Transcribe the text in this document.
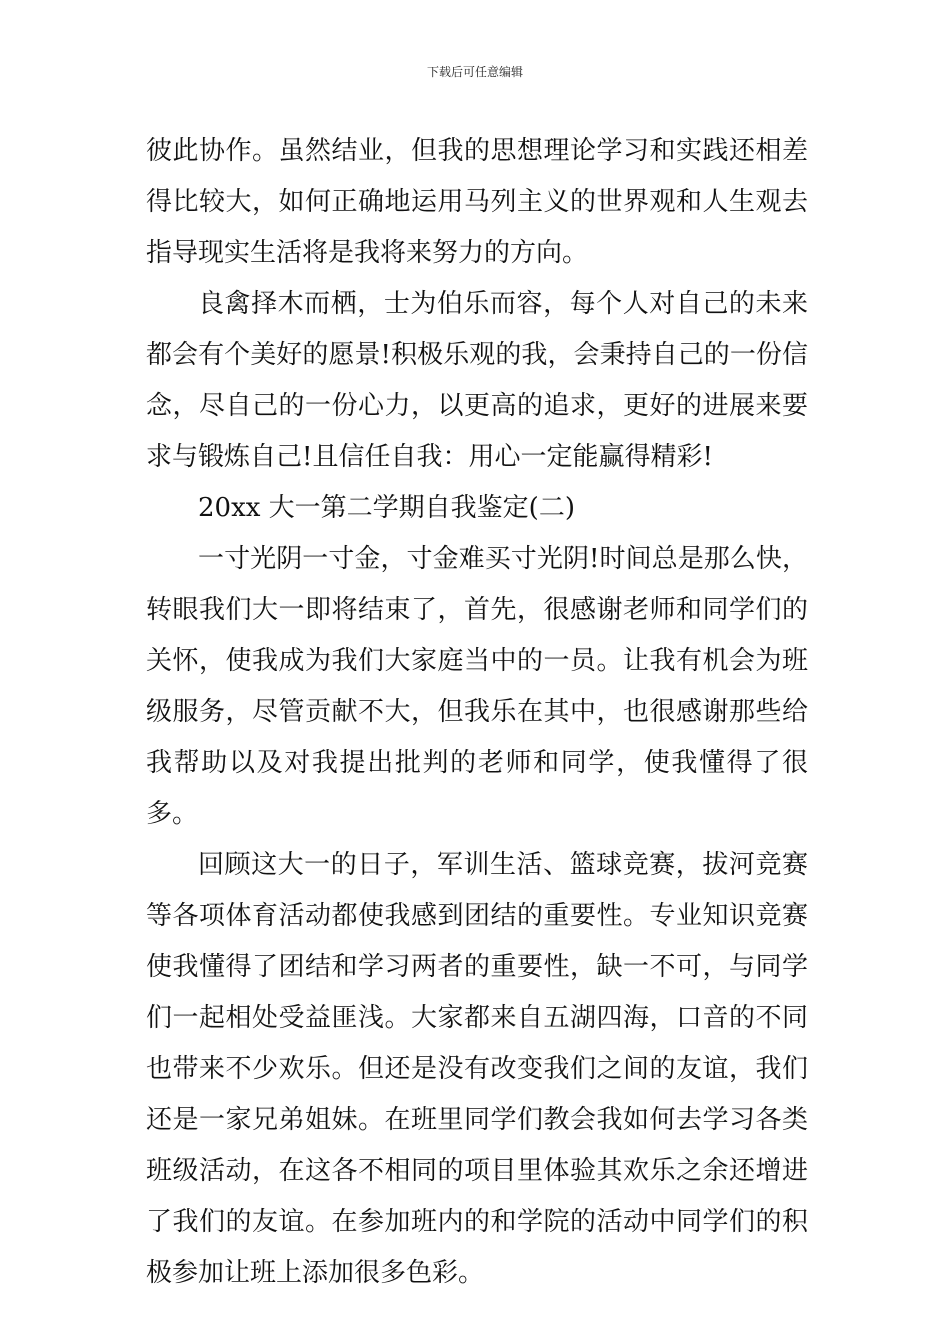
下载后可任意编辑

彼此协作。虽然结业，但我的思想理论学习和实践还相差得比较大，如何正确地运用马列主义的世界观和人生观去指导现实生活将是我将来努力的方向。

良禽择木而栖，士为伯乐而容，每个人对自己的未来都会有个美好的愿景!积极乐观的我，会秉持自己的一份信念，尽自己的一份心力，以更高的追求，更好的进展来要求与锻炼自己!且信任自我：用心一定能赢得精彩!

20xx 大一第二学期自我鉴定(二)

一寸光阴一寸金，寸金难买寸光阴!时间总是那么快，转眼我们大一即将结束了，首先，很感谢老师和同学们的关怀，使我成为我们大家庭当中的一员。让我有机会为班级服务，尽管贡献不大，但我乐在其中，也很感谢那些给我帮助以及对我提出批判的老师和同学，使我懂得了很多。

回顾这大一的日子，军训生活、篮球竞赛，拔河竞赛等各项体育活动都使我感到团结的重要性。专业知识竞赛使我懂得了团结和学习两者的重要性，缺一不可，与同学们一起相处受益匪浅。大家都来自五湖四海，口音的不同也带来不少欢乐。但还是没有改变我们之间的友谊，我们还是一家兄弟姐妹。在班里同学们教会我如何去学习各类班级活动，在这各不相同的项目里体验其欢乐之余还增进了我们的友谊。在参加班内的和学院的活动中同学们的积极参加让班上添加很多色彩。
